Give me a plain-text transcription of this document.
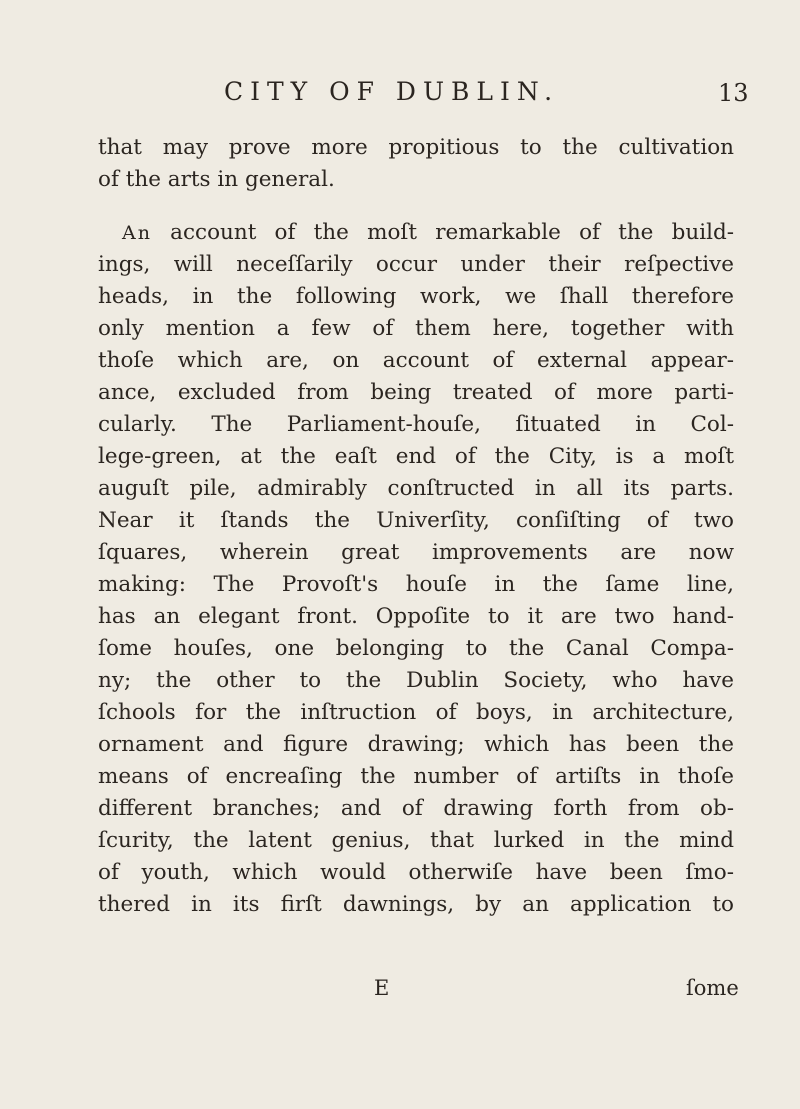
CITY OF DUBLIN.	13
that may prove more propitious to the cultivation
of the arts in general.
An account of the moſt remarkable of the build-
ings, will neceſſarily occur under their reſpective
heads, in the following work, we ſhall therefore
only mention a few of them here, together with
thoſe which are, on account of external appear-
ance, excluded from being treated of more parti-
cularly. The Parliament-houſe, ſituated in Col-
lege-green, at the eaſt end of the City, is a moſt
auguſt pile, admirably conſtructed in all its parts.
Near it ſtands the Univerſity, conſiſting of two
ſquares, wherein great improvements are now
making: The Provoſt's houſe in the ſame line,
has an elegant front. Oppoſite to it are two hand-
ſome houſes, one belonging to the Canal Compa-
ny; the other to the Dublin Society, who have
ſchools for the inſtruction of boys, in architecture,
ornament and figure drawing; which has been the
means of encreaſing the number of artiſts in thoſe
different branches; and of drawing forth from ob-
ſcurity, the latent genius, that lurked in the mind
of youth, which would otherwiſe have been ſmo-
thered in its firſt dawnings, by an application to
E	ſome
